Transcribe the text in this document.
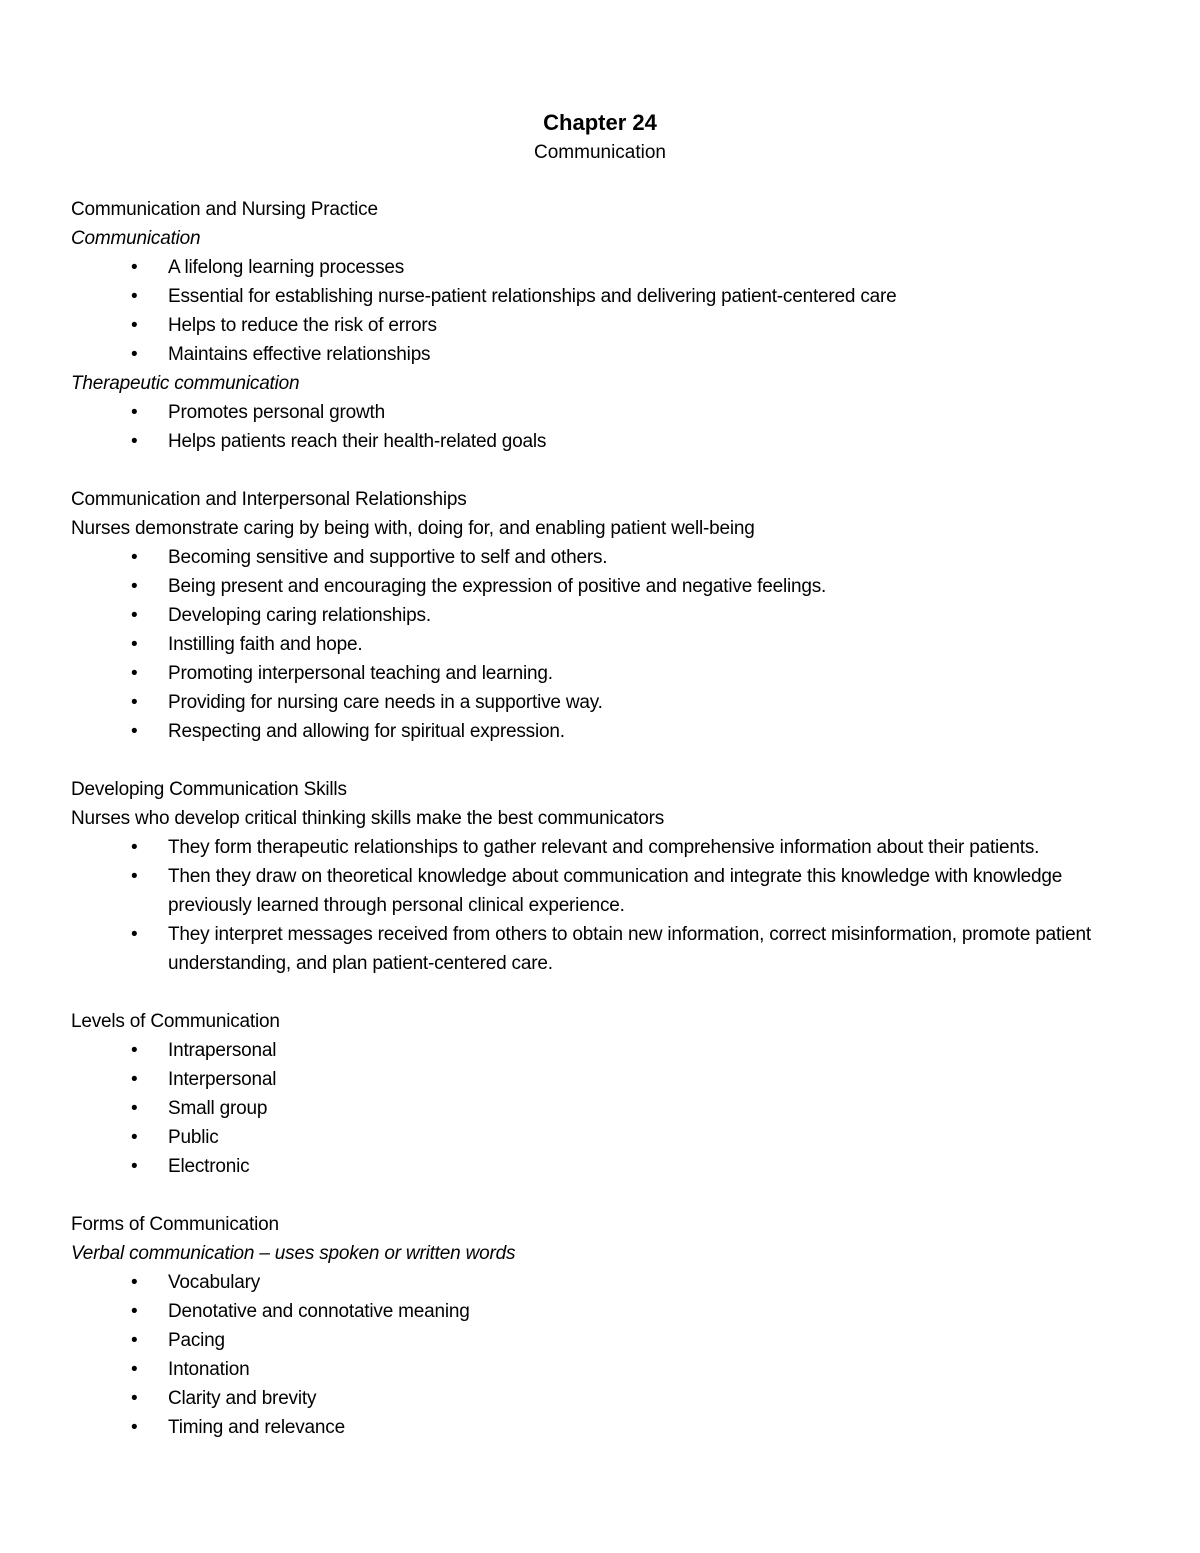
Chapter 24
Communication

Communication and Nursing Practice

Communication

• A lifelong learning processes
• Essential for establishing nurse-patient relationships and delivering patient-centered care
• Helps to reduce the risk of errors
• Maintains effective relationships

Therapeutic communication

• Promotes personal growth
• Helps patients reach their health-related goals

Communication and Interpersonal Relationships

Nurses demonstrate caring by being with, doing for, and enabling patient well-being

• Becoming sensitive and supportive to self and others.
• Being present and encouraging the expression of positive and negative feelings.
• Developing caring relationships.
• Instilling faith and hope.
• Promoting interpersonal teaching and learning.
• Providing for nursing care needs in a supportive way.
• Respecting and allowing for spiritual expression.

Developing Communication Skills

Nurses who develop critical thinking skills make the best communicators

• They form therapeutic relationships to gather relevant and comprehensive information about their patients.
• Then they draw on theoretical knowledge about communication and integrate this knowledge with knowledge previously learned through personal clinical experience.
• They interpret messages received from others to obtain new information, correct misinformation, promote patient understanding, and plan patient-centered care.

Levels of Communication

• Intrapersonal
• Interpersonal
• Small group
• Public
• Electronic

Forms of Communication

Verbal communication – uses spoken or written words

• Vocabulary
• Denotative and connotative meaning
• Pacing
• Intonation
• Clarity and brevity
• Timing and relevance
